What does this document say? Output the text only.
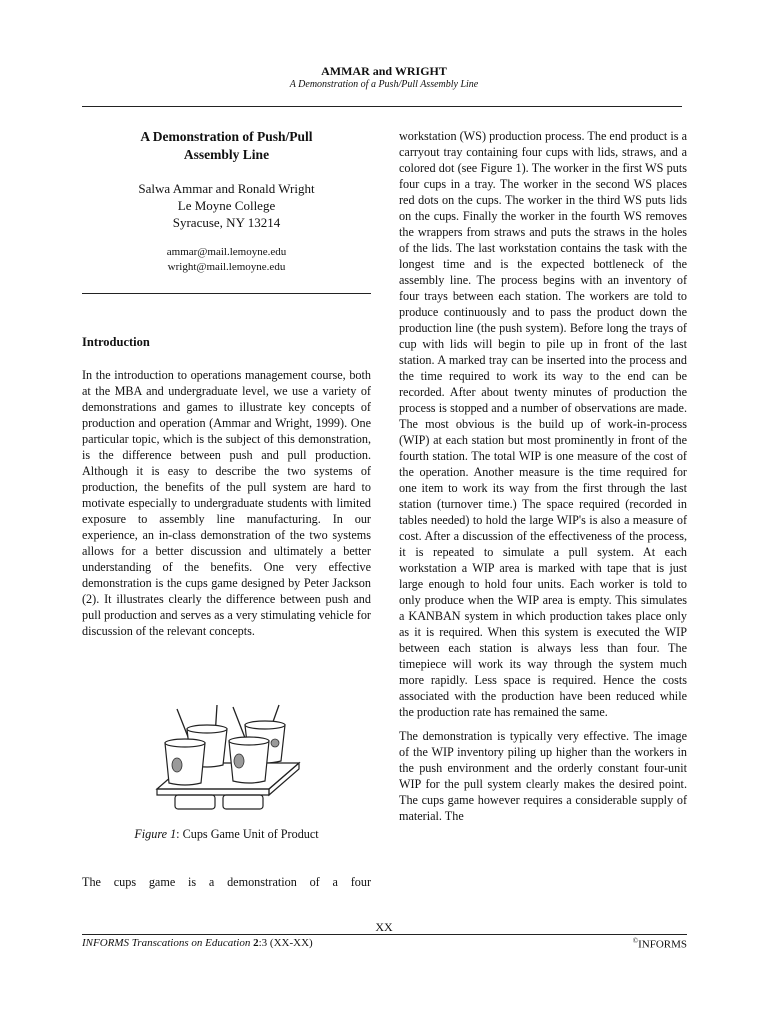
AMMAR and WRIGHT
A Demonstration of a Push/Pull Assembly Line
A Demonstration of Push/Pull
Assembly Line
Salwa Ammar and Ronald Wright
Le Moyne College
Syracuse, NY 13214
ammar@mail.lemoyne.edu
wright@mail.lemoyne.edu
Introduction

In the introduction to operations management course, both at the MBA and undergraduate level, we use a variety of demonstrations and games to illustrate key concepts of production and operation (Ammar and Wright, 1999). One particular topic, which is the subject of this demonstration, is the difference between push and pull production. Although it is easy to describe the two systems of production, the benefits of the pull system are hard to motivate especially to undergraduate students with limited exposure to assembly line manufacturing. In our experience, an in-class demonstration of the two systems allows for a better discussion and ultimately a better understanding of the benefits. One very effective demonstration is the cups game designed by Peter Jackson (2). It illustrates clearly the difference between push and pull production and serves as a very stimulating vehicle for discussion of the relevant concepts.

Figure 1: Cups Game Unit of Product

The cups game is a demonstration of a four

workstation (WS) production process. The end product is a carryout tray containing four cups with lids, straws, and a colored dot (see Figure 1). The worker in the first WS puts four cups in a tray. The worker in the second WS places red dots on the cups. The worker in the third WS puts lids on the cups. Finally the worker in the fourth WS removes the wrappers from straws and puts the straws in the holes of the lids. The last workstation contains the task with the longest time and is the expected bottleneck of the assembly line. The process begins with an inventory of four trays between each station. The workers are told to produce continuously and to pass the product down the production line (the push system). Before long the trays of cup with lids will begin to pile up in front of the last station. A marked tray can be inserted into the process and the time required to work its way to the end can be recorded. After about twenty minutes of production the process is stopped and a number of observations are made. The most obvious is the build up of work-in-process (WIP) at each station but most prominently in front of the fourth station. The total WIP is one measure of the cost of the operation. Another measure is the time required for one item to work its way from the first through the last station (turnover time.) The space required (recorded in tables needed) to hold the large WIP's is also a measure of cost. After a discussion of the effectiveness of the process, it is repeated to simulate a pull system. At each workstation a WIP area is marked with tape that is just large enough to hold four units. Each worker is told to only produce when the WIP area is empty. This simulates a KANBAN system in which production takes place only as it is required. When this system is executed the WIP between each station is always less than four. The timepiece will work its way through the system much more rapidly. Less space is required. Hence the costs associated with the production have been reduced while the production rate has remained the same.

The demonstration is typically very effective. The image of the WIP inventory piling up higher than the workers in the push environment and the orderly constant four-unit WIP for the pull system clearly makes the desired point. The cups game however requires a considerable supply of material. The

XX
INFORMS Transcations on Education 2:3 (XX-XX)	©INFORMS
